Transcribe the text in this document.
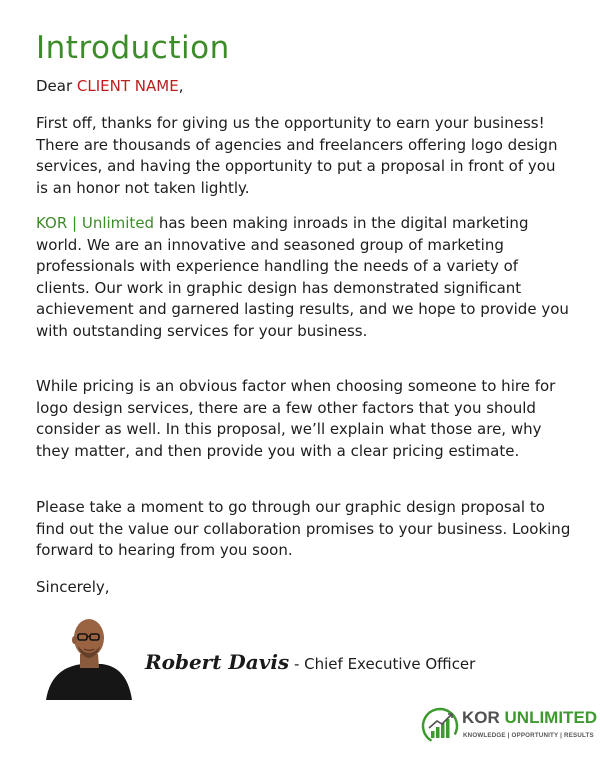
Introduction

Dear CLIENT NAME,

First off, thanks for giving us the opportunity to earn your business! There are thousands of agencies and freelancers offering logo design services, and having the opportunity to put a proposal in front of you is an honor not taken lightly.

KOR | Unlimited has been making inroads in the digital marketing world. We are an innovative and seasoned group of marketing professionals with experience handling the needs of a variety of clients. Our work in graphic design has demonstrated significant achievement and garnered lasting results, and we hope to provide you with outstanding services for your business.

While pricing is an obvious factor when choosing someone to hire for logo design services, there are a few other factors that you should consider as well. In this proposal, we’ll explain what those are, why they matter, and then provide you with a clear pricing estimate.

Please take a moment to go through our graphic design proposal to find out the value our collaboration promises to your business. Looking forward to hearing from you soon.

Sincerely,

Robert Davis - Chief Executive Officer
KOR UNLIMITED
KNOWLEDGE | OPPORTUNITY | RESULTS
